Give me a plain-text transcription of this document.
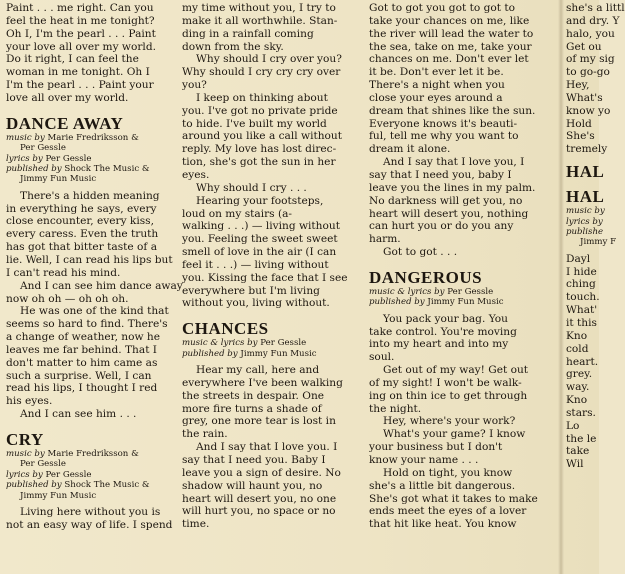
Paint . . . me right. Can you

feel the heat in me tonight?

Oh I, I'm the pearl . . . Paint

your love all over my world.

Do it right, I can feel the

woman in me tonight. Oh I

I'm the pearl . . . Paint your

love all over my world.

DANCE AWAY

music by Marie Fredriksson &

Per Gessle

lyrics by Per Gessle

published by Shock The Music &

Jimmy Fun Music

There's a hidden meaning

in everything he says, every

close encounter, every kiss,

every caress. Even the truth

has got that bitter taste of a

lie. Well, I can read his lips but

I can't read his mind.

And I can see him dance away

now oh oh — oh oh oh.

He was one of the kind that

seems so hard to find. There's

a change of weather, now he

leaves me far behind. That I

don't matter to him came as

such a surprise. Well, I can

read his lips, I thought I red

his eyes.

And I can see him . . .

CRY

music by Marie Fredriksson &

Per Gessle

lyrics by Per Gessle

published by Shock The Music &

Jimmy Fun Music

Living here without you is

not an easy way of life. I spend

my time without you, I try to

make it all worthwhile. Stan-

ding in a rainfall coming

down from the sky.

Why should I cry over you?

Why should I cry cry cry over

you?

I keep on thinking about

you. I've got no private pride

to hide. I've built my world

around you like a call without

reply. My love has lost direc-

tion, she's got the sun in her

eyes.

Why should I cry . . .

Hearing your footsteps,

loud on my stairs (a-

walking . . .) — living without

you. Feeling the sweet sweet

smell of love in the air (I can

feel it . . .) — living without

you. Kissing the face that I see

everywhere but I'm living

without you, living without.

CHANCES

music & lyrics by Per Gessle

published by Jimmy Fun Music

Hear my call, here and

everywhere I've been walking

the streets in despair. One

more fire turns a shade of

grey, one more tear is lost in

the rain.

And I say that I love you. I

say that I need you. Baby I

leave you a sign of desire. No

shadow will haunt you, no

heart will desert you, no one

will hurt you, no space or no

time.

Got to got you got to got to

take your chances on me, like

the river will lead the water to

the sea, take on me, take your

chances on me. Don't ever let

it be. Don't ever let it be.

There's a night when you

close your eyes around a

dream that shines like the sun.

Everyone knows it's beauti-

ful, tell me why you want to

dream it alone.

And I say that I love you, I

say that I need you, baby I

leave you the lines in my palm.

No darkness will get you, no

heart will desert you, nothing

can hurt you or do you any

harm.

Got to got . . .

DANGEROUS

music & lyrics by Per Gessle

published by Jimmy Fun Music

You pack your bag. You

take control. You're moving

into my heart and into my

soul.

Get out of my way! Get out

of my sight! I won't be walk-

ing on thin ice to get through

the night.

Hey, where's your work?

What's your game? I know

your business but I don't

know your name . . .

Hold on tight, you know

she's a little bit dangerous.

She's got what it takes to make

ends meet the eyes of a lover

that hit like heat. You know

she's a littl

and dry. Y

halo, you

Get ou

of my sig

to go-go

Hey,

What's

know yo

Hold

She's

tremely

HAL
HAL

music by

lyrics by

publishe

Jimmy F

Dayl

I hide

ching

touch.

What'

it this

Kno

cold

heart.

grey.

way.

Kno

stars.

Lo

the le

take

Wil
